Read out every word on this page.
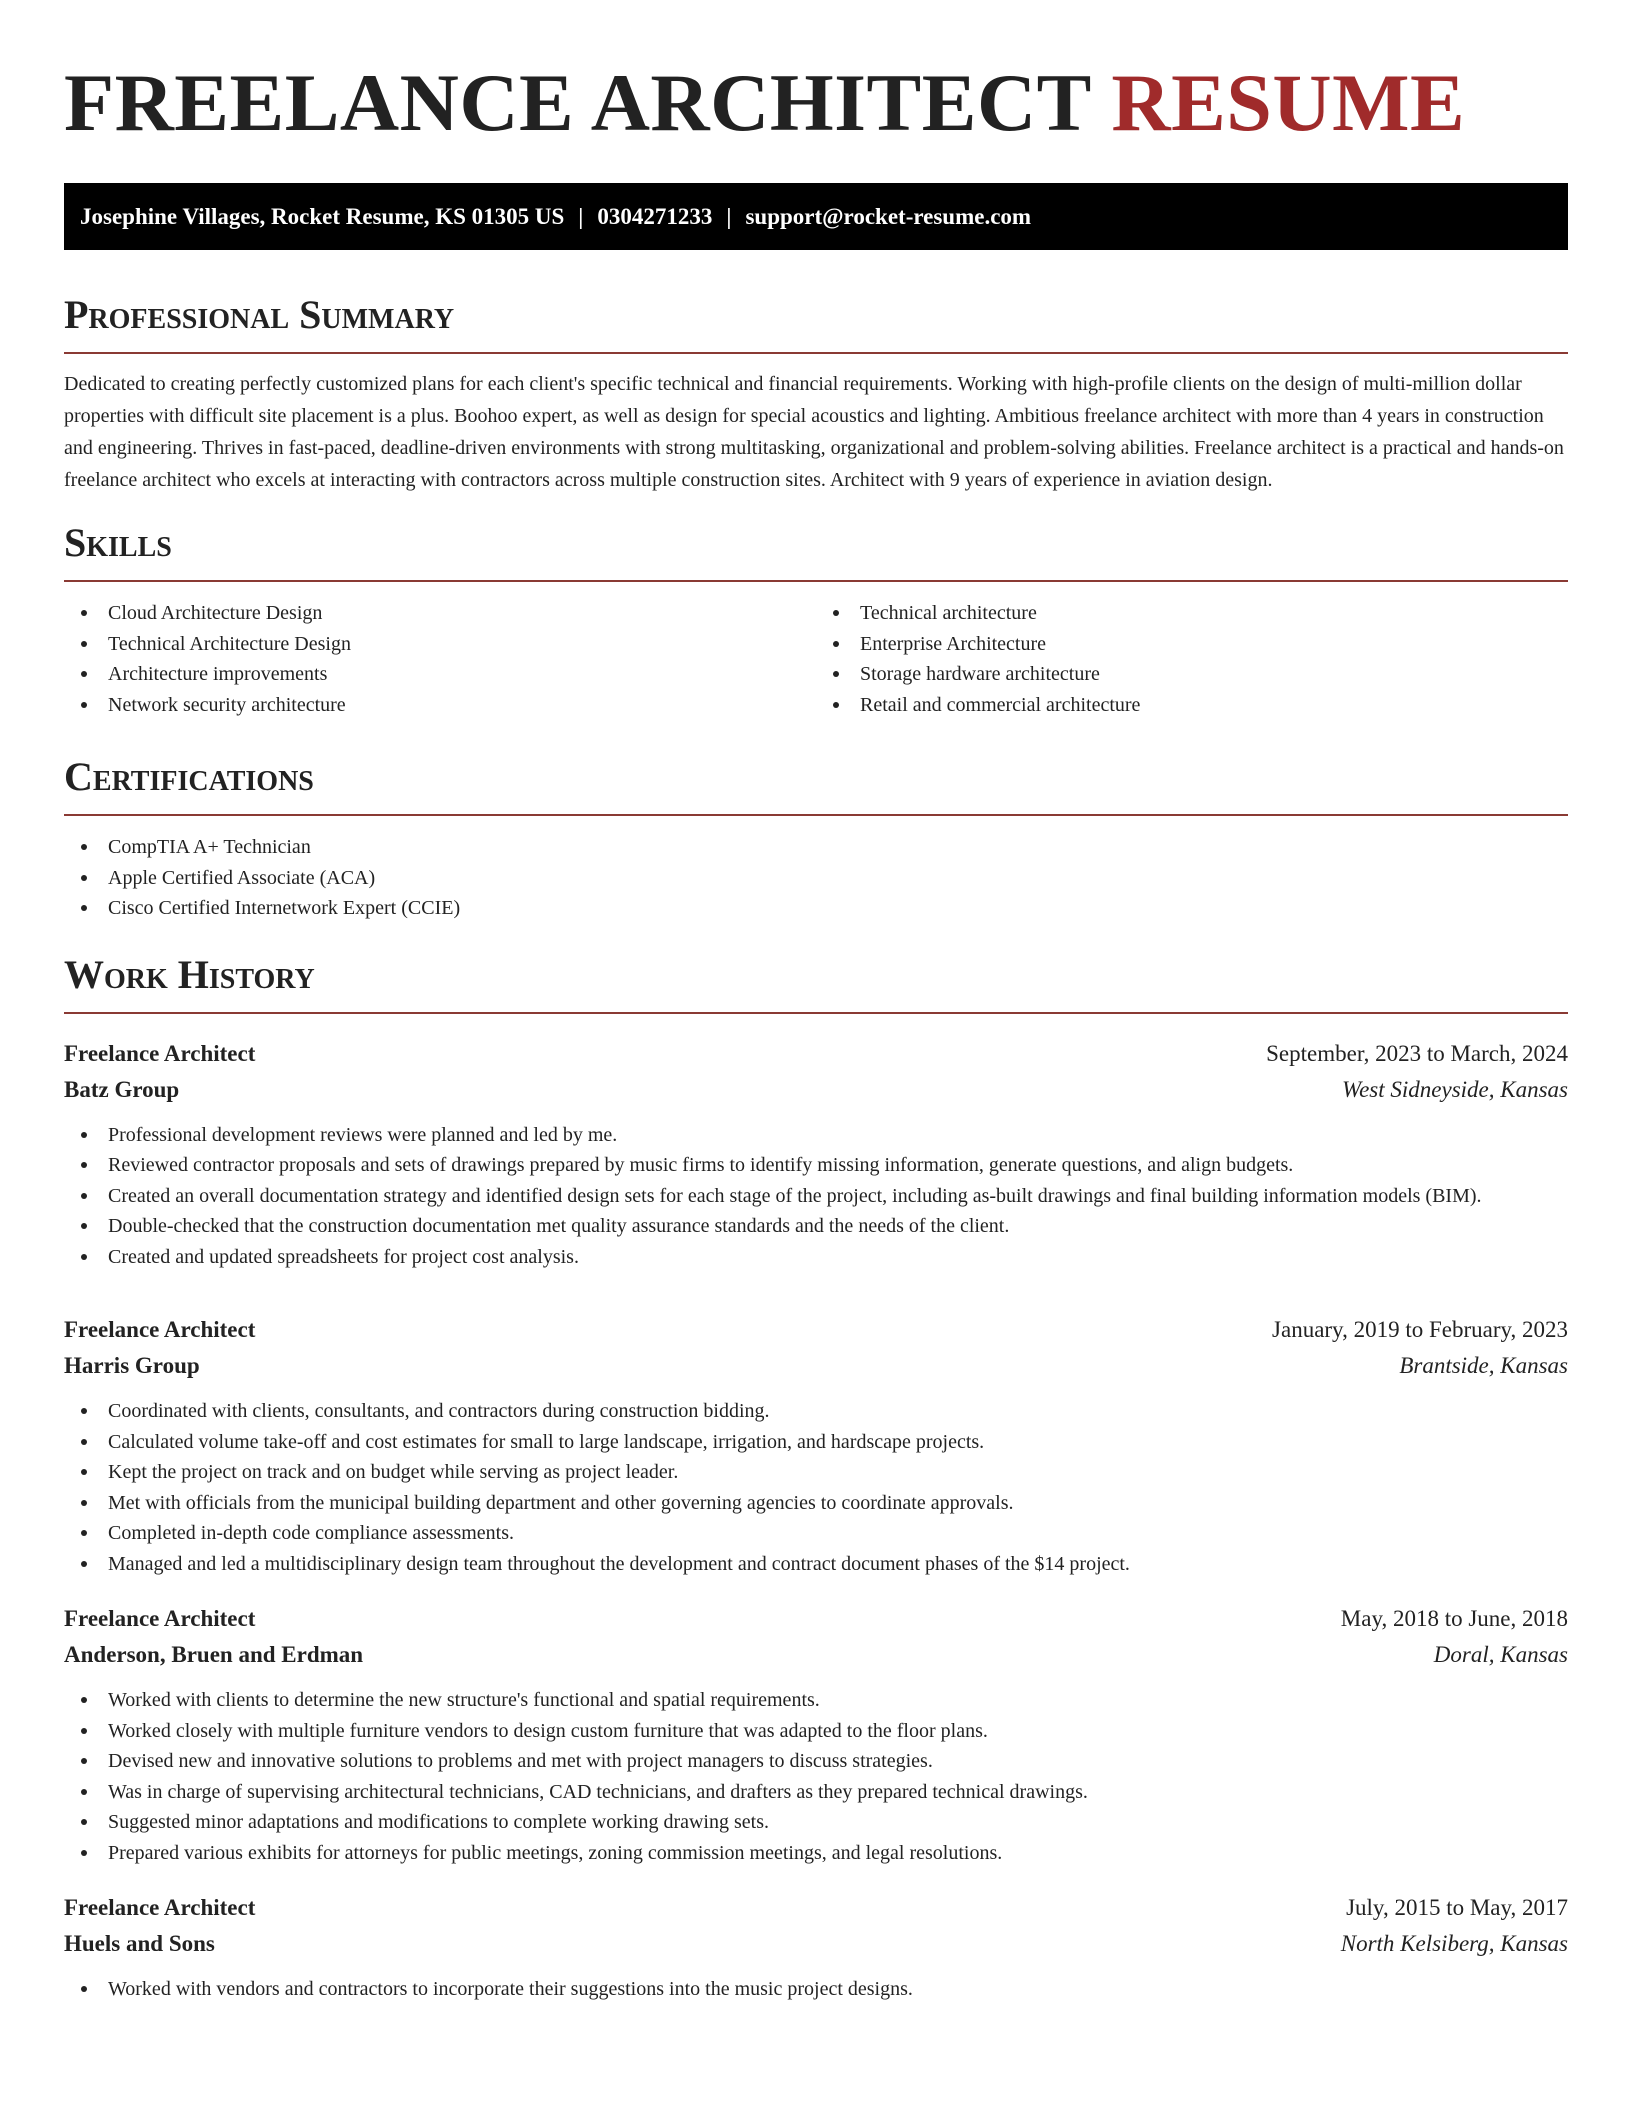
FREELANCE ARCHITECT RESUME
Josephine Villages, Rocket Resume, KS 01305 US | 0304271233 | support@rocket-resume.com
Professional Summary

Dedicated to creating perfectly customized plans for each client's specific technical and financial requirements. Working with high-profile clients on the design of multi-million dollar properties with difficult site placement is a plus. Boohoo expert, as well as design for special acoustics and lighting. Ambitious freelance architect with more than 4 years in construction and engineering. Thrives in fast-paced, deadline-driven environments with strong multitasking, organizational and problem-solving abilities. Freelance architect is a practical and hands-on freelance architect who excels at interacting with contractors across multiple construction sites. Architect with 9 years of experience in aviation design.

Skills
Cloud Architecture Design
Technical Architecture Design
Architecture improvements
Network security architecture
Technical architecture
Enterprise Architecture
Storage hardware architecture
Retail and commercial architecture
Certifications
CompTIA A+ Technician
Apple Certified Associate (ACA)
Cisco Certified Internetwork Expert (CCIE)
Work History
Freelance Architect	September, 2023 to March, 2024
Batz Group	West Sidneyside, Kansas
Professional development reviews were planned and led by me.
Reviewed contractor proposals and sets of drawings prepared by music firms to identify missing information, generate questions, and align budgets.
Created an overall documentation strategy and identified design sets for each stage of the project, including as-built drawings and final building information models (BIM).
Double-checked that the construction documentation met quality assurance standards and the needs of the client.
Created and updated spreadsheets for project cost analysis.
Freelance Architect	January, 2019 to February, 2023
Harris Group	Brantside, Kansas
Coordinated with clients, consultants, and contractors during construction bidding.
Calculated volume take-off and cost estimates for small to large landscape, irrigation, and hardscape projects.
Kept the project on track and on budget while serving as project leader.
Met with officials from the municipal building department and other governing agencies to coordinate approvals.
Completed in-depth code compliance assessments.
Managed and led a multidisciplinary design team throughout the development and contract document phases of the $14 project.
Freelance Architect	May, 2018 to June, 2018
Anderson, Bruen and Erdman	Doral, Kansas
Worked with clients to determine the new structure's functional and spatial requirements.
Worked closely with multiple furniture vendors to design custom furniture that was adapted to the floor plans.
Devised new and innovative solutions to problems and met with project managers to discuss strategies.
Was in charge of supervising architectural technicians, CAD technicians, and drafters as they prepared technical drawings.
Suggested minor adaptations and modifications to complete working drawing sets.
Prepared various exhibits for attorneys for public meetings, zoning commission meetings, and legal resolutions.
Freelance Architect	July, 2015 to May, 2017
Huels and Sons	North Kelsiberg, Kansas
Worked with vendors and contractors to incorporate their suggestions into the music project designs.
